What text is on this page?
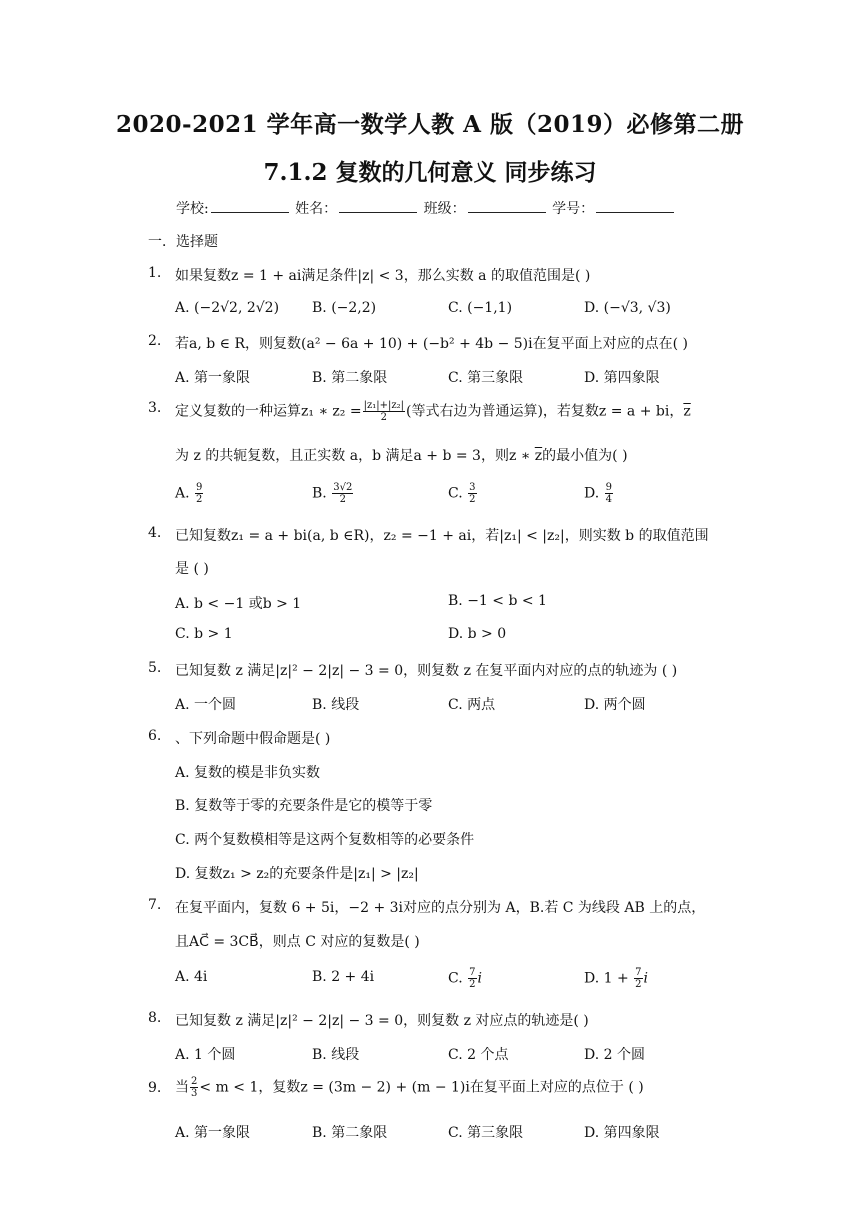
2020-2021 学年高一数学人教 A 版（2019）必修第二册
7.1.2 复数的几何意义 同步练习
学校:	姓名：	班级：	学号：
一．选择题
1. 如果复数z = 1 + ai满足条件|z| < 3，那么实数 a 的取值范围是( )
A. (−2√2, 2√2) B. (−2,2)	C. (−1,1)	D. (−√3, √3)
2. 若a, b ∈ R，则复数(a² − 6a + 10) + (−b² + 4b − 5)i在复平面上对应的点在( )
A. 第一象限	B. 第二象限	C. 第三象限	D. 第四象限
3. 定义复数的一种运算z₁ ∗ $z_2 = \frac{\text{|z₁|+|z₂|}}{2}$ (等式右边为普通运算)，若复数z = a + bi，$\overline{z}$
为 z 的共轭复数，且正实数 a，b 满足a + b = 3，则z ∗ $\overline{z}$的最小值为( )
A. $\frac{9}{2}$	B. $\frac{3√2}{2}$	C. $\frac{3}{2}$	D. $\frac{9}{4}$
4. 已知复数z₁ = a + bi(a, b ∈R)，z₂ = −1 + ai，若|z₁| < |z₂|，则实数 b 的取值范围
是 ( )
A. b < −1 或b > 1	B. −1 < b < 1
C. b > 1	D. b > 0
5. 已知复数 z 满足|z|² − 2|z| − 3 = 0，则复数 z 在复平面内对应的点的轨迹为 ( )
A. 一个圆	B. 线段	C. 两点	D. 两个圆
6. 、下列命题中假命题是( )
A. 复数的模是非负实数
B. 复数等于零的充要条件是它的模等于零
C. 两个复数模相等是这两个复数相等的必要条件
D. 复数z₁ > z₂的充要条件是|z₁| > |z₂|
7. 在复平面内，复数 6 + 5i，−2 + 3i对应的点分别为 A，B.若 C 为线段 AB 上的点，
且AC⃗ = 3CB⃗，则点 C 对应的复数是( )
A. 4i	B. 2 + 4i	C. $\frac{7}{2}$ i	D. $1 + \frac{7}{2}$ i
8. 已知复数 z 满足|z|² − 2|z| − 3 = 0，则复数 z 对应点的轨迹是( )
A. 1 个圆	B. 线段	C. 2 个点	D. 2 个圆
9. 当 $\frac{2}{3} < m < 1$，复数z = (3m − 2) + (m − 1)i在复平面上对应的点位于 ( )
A. 第一象限	B. 第二象限	C. 第三象限	D. 第四象限
